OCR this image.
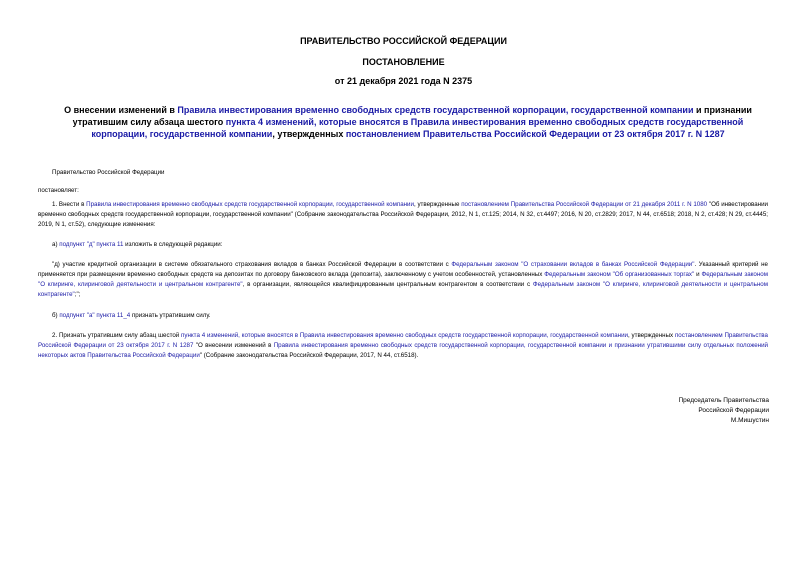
ПРАВИТЕЛЬСТВО РОССИЙСКОЙ ФЕДЕРАЦИИ
ПОСТАНОВЛЕНИЕ
от 21 декабря 2021 года N 2375
О внесении изменений в Правила инвестирования временно свободных средств государственной корпорации, государственной компании и признании утратившим силу абзаца шестого пункта 4 изменений, которые вносятся в Правила инвестирования временно свободных средств государственной корпорации, государственной компании, утвержденных постановлением Правительства Российской Федерации от 23 октября 2017 г. N 1287
Правительство Российской Федерации
постановляет:
1. Внести в Правила инвестирования временно свободных средств государственной корпорации, государственной компании, утвержденные постановлением Правительства Российской Федерации от 21 декабря 2011 г. N 1080 "Об инвестировании временно свободных средств государственной корпорации, государственной компании" (Собрание законодательства Российской Федерации, 2012, N 1, ст.125; 2014, N 32, ст.4497; 2016, N 20, ст.2829; 2017, N 44, ст.6518; 2018, N 2, ст.428; N 29, ст.4445; 2019, N 1, ст.52), следующие изменения:
а) подпункт "д" пункта 11 изложить в следующей редакции:
"д) участие кредитной организации в системе обязательного страхования вкладов в банках Российской Федерации в соответствии с Федеральным законом "О страховании вкладов в банках Российской Федерации". Указанный критерий не применяется при размещении временно свободных средств на депозитах по договору банковского вклада (депозита), заключенному с учетом особенностей, установленных Федеральным законом "Об организованных торгах" и Федеральным законом "О клиринге, клиринговой деятельности и центральном контрагенте", в организации, являющейся квалифицированным центральным контрагентом в соответствии с Федеральным законом "О клиринге, клиринговой деятельности и центральном контрагенте";";
б) подпункт "а" пункта 11_4 признать утратившим силу.
2. Признать утратившим силу абзац шестой пункта 4 изменений, которые вносятся в Правила инвестирования временно свободных средств государственной корпорации, государственной компании, утвержденных постановлением Правительства Российской Федерации от 23 октября 2017 г. N 1287 "О внесении изменений в Правила инвестирования временно свободных средств государственной корпорации, государственной компании и признании утратившими силу отдельных положений некоторых актов Правительства Российской Федерации" (Собрание законодательства Российской Федерации, 2017, N 44, ст.6518).
Председатель Правительства
Российской Федерации
М.Мишустин
